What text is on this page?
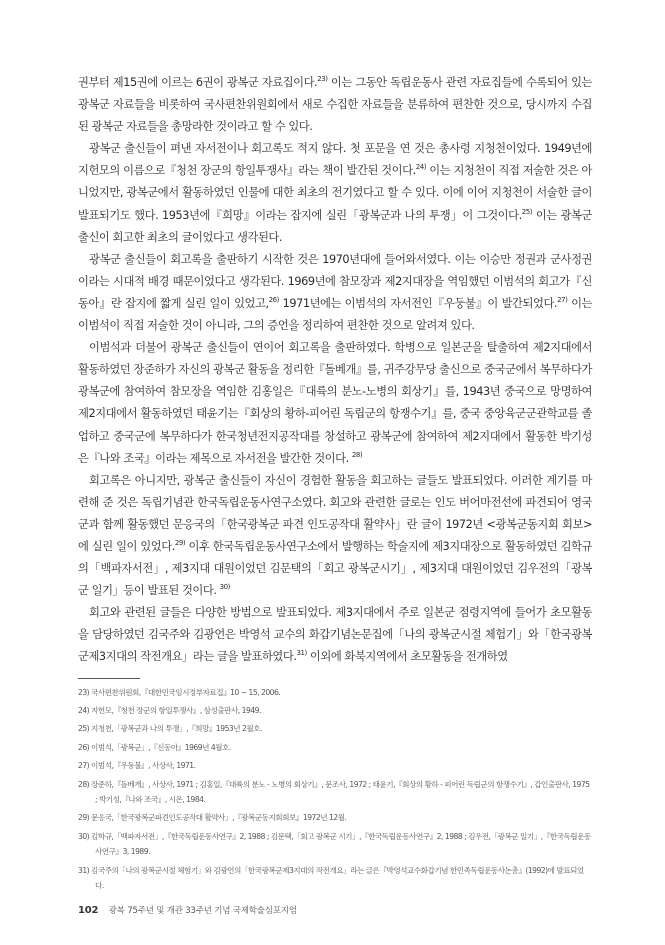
권부터 제15권에 이르는 6권이 광복군 자료집이다.$^{23)}$ 이는 그동안 독립운동사 관련 자료집들에 수록되어 있는 광복군 자료들을 비롯하여 국사편찬위원회에서 새로 수집한 자료들을 분류하여 편찬한 것으로, 당시까지 수집된 광복군 자료들을 총망라한 것이라고 할 수 있다.

광복군 출신들이 펴낸 자서전이나 회고록도 적지 않다. 첫 포문을 연 것은 총사령 지청천이었다. 1949년에 지헌모의 이름으로『청천 장군의 항일투쟁사』라는 책이 발간된 것이다.$^{24)}$ 이는 지청천이 직접 저술한 것은 아니었지만, 광복군에서 활동하였던 인물에 대한 최초의 전기였다고 할 수 있다. 이에 이어 지청천이 서술한 글이 발표되기도 했다. 1953년에『희망』이라는 잡지에 실린「광복군과 나의 투쟁」이 그것이다.$^{25)}$ 이는 광복군 출신이 회고한 최초의 글이었다고 생각된다.

광복군 출신들이 회고록을 출판하기 시작한 것은 1970년대에 들어와서였다. 이는 이승만 정권과 군사정권이라는 시대적 배경 때문이었다고 생각된다. 1969년에 참모장과 제2지대장을 역임했던 이범석의 회고가『신동아』란 잡지에 짧게 실린 일이 있었고,$^{26)}$ 1971년에는 이범석의 자서전인『우둥불』이 발간되었다.$^{27)}$ 이는 이범석이 직접 저술한 것이 아니라, 그의 증언을 정리하여 편찬한 것으로 알려져 있다.

이범석과 더불어 광복군 출신들이 연이어 회고록을 출판하였다. 학병으로 일본군을 탈출하여 제2지대에서 활동하였던 장준하가 자신의 광복군 활동을 정리한『돌베개』를, 귀주강무당 출신으로 중국군에서 복무하다가 광복군에 참여하여 참모장을 역임한 김홍일은『대륙의 분노-노병의 회상기』를, 1943년 중국으로 망명하여 제2지대에서 활동하였던 태윤기는『회상의 황하-피어린 독립군의 항쟁수기』를, 중국 중앙육군군관학교를 졸업하고 중국군에 복무하다가 한국청년전지공작대를 창설하고 광복군에 참여하여 제2지대에서 활동한 박기성은『나와 조국』이라는 제목으로 자서전을 발간한 것이다. $^{28)}$

회고록은 아니지만, 광복군 출신들이 자신이 경험한 활동을 회고하는 글들도 발표되었다. 이러한 계기를 마련해 준 것은 독립기념관 한국독립운동사연구소였다. 회고와 관련한 글로는 인도 버어마전선에 파견되어 영국군과 함께 활동했던 문응국의「한국광복군 파견 인도공작대 활약사」란 글이 1972년 <광복군동지회 회보>에 실린 일이 있었다.$^{29)}$ 이후 한국독립운동사연구소에서 발행하는 학술지에 제3지대장으로 활동하였던 김학규의「백파자서전」, 제3지대 대원이었던 김문택의「회고 광복군시기」, 제3지대 대원이었던 김우전의「광복군 일기」등이 발표된 것이다. $^{30)}$

회고와 관련된 글들은 다양한 방법으로 발표되었다. 제3지대에서 주로 일본군 점령지역에 들어가 초모활동을 담당하였던 김국주와 김광언은 박영석 교수의 화갑기념논문집에「나의 광복군시절 체험기」와「한국광복군제3지대의 작전개요」라는 글을 발표하였다.$^{31)}$ 이외에 화북지역에서 초모활동을 전개하였

23) 국사편찬위원회,『대한민국임시정부자료집』10 ~ 15, 2006.
24) 지헌모,『청천 장군의 항일투쟁사』, 삼성출판사, 1949.
25) 지청천,「광복군과 나의 투쟁」,『희망』1953년 2월호.
26) 이범석,「광복군」,『신동아』1969년 4월호.
27) 이범석,『우둥불』, 사상사, 1971.
28) 장준하,『돌베개』, 사상사, 1971 ; 김홍일,『대륙의 분노 - 노병의 회상기』, 문조사, 1972 ; 태윤기,『회상의 황하 - 피어린 독립군의 항쟁수기』, 갑인출판사, 1975 ; 박기성,『나와 조국』, 시온, 1984.
29) 문응국,「한국광복군파견인도공작대 활약사」,『광복군동지회회보』1972년 12월.
30) 김학규,「백파자서전」,『한국독립운동사연구』2, 1988 ; 김문택,「회고 광복군 시기」,『한국독립운동사연구』2, 1988 ; 김우전,「광복군 일기」,『한국독립운동사연구』3, 1989.
31) 김국주의「나의 광복군시절 체험기」와 김광언의「한국광복군제3지대의 작전개요」라는 글은『박영석교수화갑기념 한민족독립운동사논총』(1992)에 발표되었다.
102 광복 75주년 및 개관 33주년 기념 국제학술심포지엄
